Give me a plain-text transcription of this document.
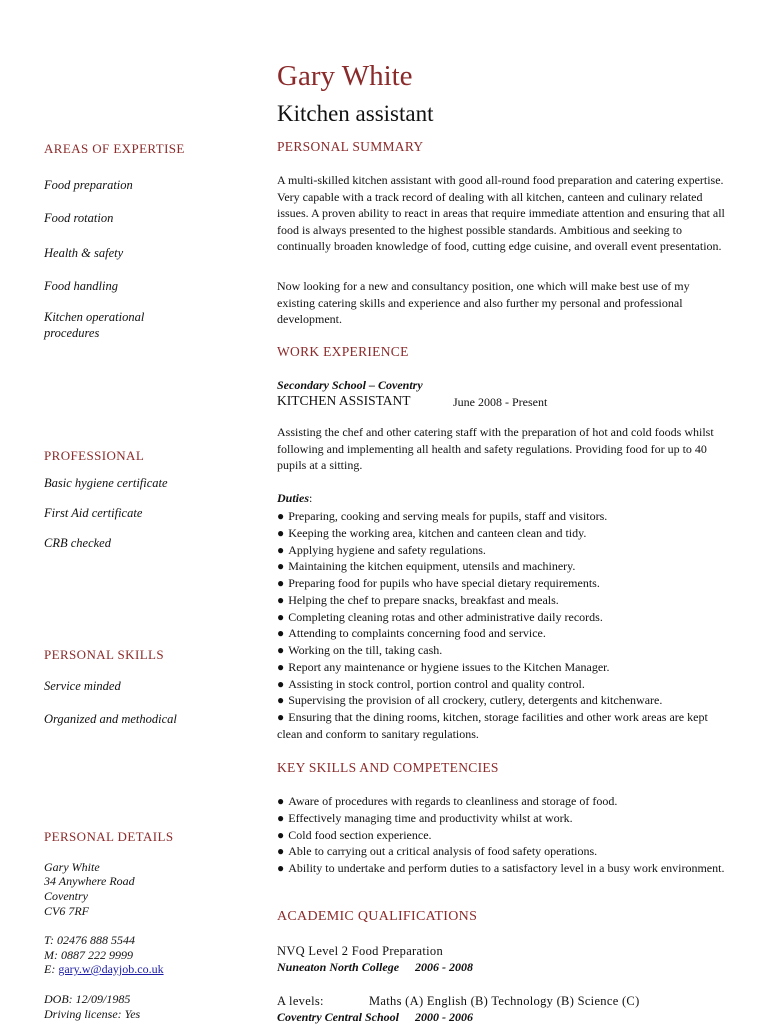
Gary White
Kitchen assistant
AREAS OF EXPERTISE
Food preparation
Food rotation
Health & safety
Food handling
Kitchen operational procedures
PROFESSIONAL
Basic hygiene certificate
First Aid certificate
CRB checked
PERSONAL SKILLS
Service minded
Organized and methodical
PERSONAL DETAILS
Gary White
34 Anywhere Road
Coventry
CV6 7RF
T: 02476 888 5544
M: 0887 222 9999
E: gary.w@dayjob.co.uk
DOB: 12/09/1985
Driving license: Yes
PERSONAL SUMMARY
A multi-skilled kitchen assistant with good all-round food preparation and catering expertise. Very capable with a track record of dealing with all kitchen, canteen and culinary related issues. A proven ability to react in areas that require immediate attention and ensuring that all food is always presented to the highest possible standards. Ambitious and seeking to continually broaden knowledge of food, cutting edge cuisine, and overall event presentation.
Now looking for a new and consultancy position, one which will make best use of my existing catering skills and experience and also further my personal and professional development.
WORK EXPERIENCE
Secondary School – Coventry
KITCHEN ASSISTANT	June 2008 - Present
Assisting the chef and other catering staff with the preparation of hot and cold foods whilst following and implementing all health and safety regulations. Providing food for up to 40 pupils at a sitting.
Duties:
● Preparing, cooking and serving meals for pupils, staff and visitors.
● Keeping the working area, kitchen and canteen clean and tidy.
● Applying hygiene and safety regulations.
● Maintaining the kitchen equipment, utensils and machinery.
● Preparing food for pupils who have special dietary requirements.
● Helping the chef to prepare snacks, breakfast and meals.
● Completing cleaning rotas and other administrative daily records.
● Attending to complaints concerning food and service.
● Working on the till, taking cash.
● Report any maintenance or hygiene issues to the Kitchen Manager.
● Assisting in stock control, portion control and quality control.
● Supervising the provision of all crockery, cutlery, detergents and kitchenware.
● Ensuring that the dining rooms, kitchen, storage facilities and other work areas are kept clean and conform to sanitary regulations.
KEY SKILLS AND COMPETENCIES
● Aware of procedures with regards to cleanliness and storage of food.
● Effectively managing time and productivity whilst at work.
● Cold food section experience.
● Able to carrying out a critical analysis of food safety operations.
● Ability to undertake and perform duties to a satisfactory level in a busy work environment.
ACADEMIC QUALIFICATIONS
NVQ Level 2 Food Preparation
Nuneaton North College 2006 - 2008
A levels:	Maths (A) English (B) Technology (B) Science (C)
Coventry Central School 2000 - 2006
